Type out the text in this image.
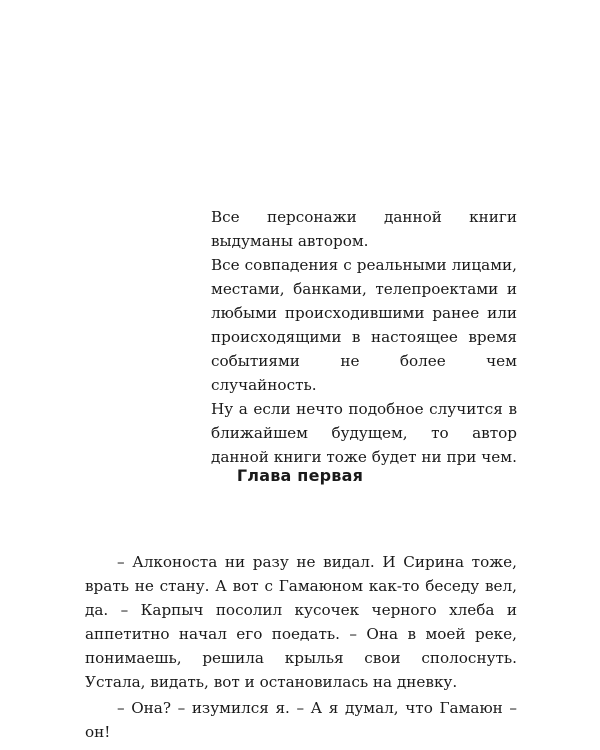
Все персонажи данной книги выдуманы автором.

Все совпадения с реальными лицами, местами, банками, телепроектами и любыми происходившими ранее или происходящими в настоящее время событиями не более чем случайность.

Ну а если нечто подобное случится в ближайшем будущем, то автор данной книги тоже будет ни при чем.

Глава первая

– Алконоста ни разу не видал. И Сирина тоже, врать не стану. А вот с Гамаюном как-то беседу вел, да. – Карпыч посолил кусочек черного хлеба и аппетитно начал его поедать. – Она в моей реке, понимаешь, решила крылья свои сполоснуть. Устала, видать, вот и остановилась на дневку.

– Она? – изумился я. – А я думал, что Гамаюн – он!
